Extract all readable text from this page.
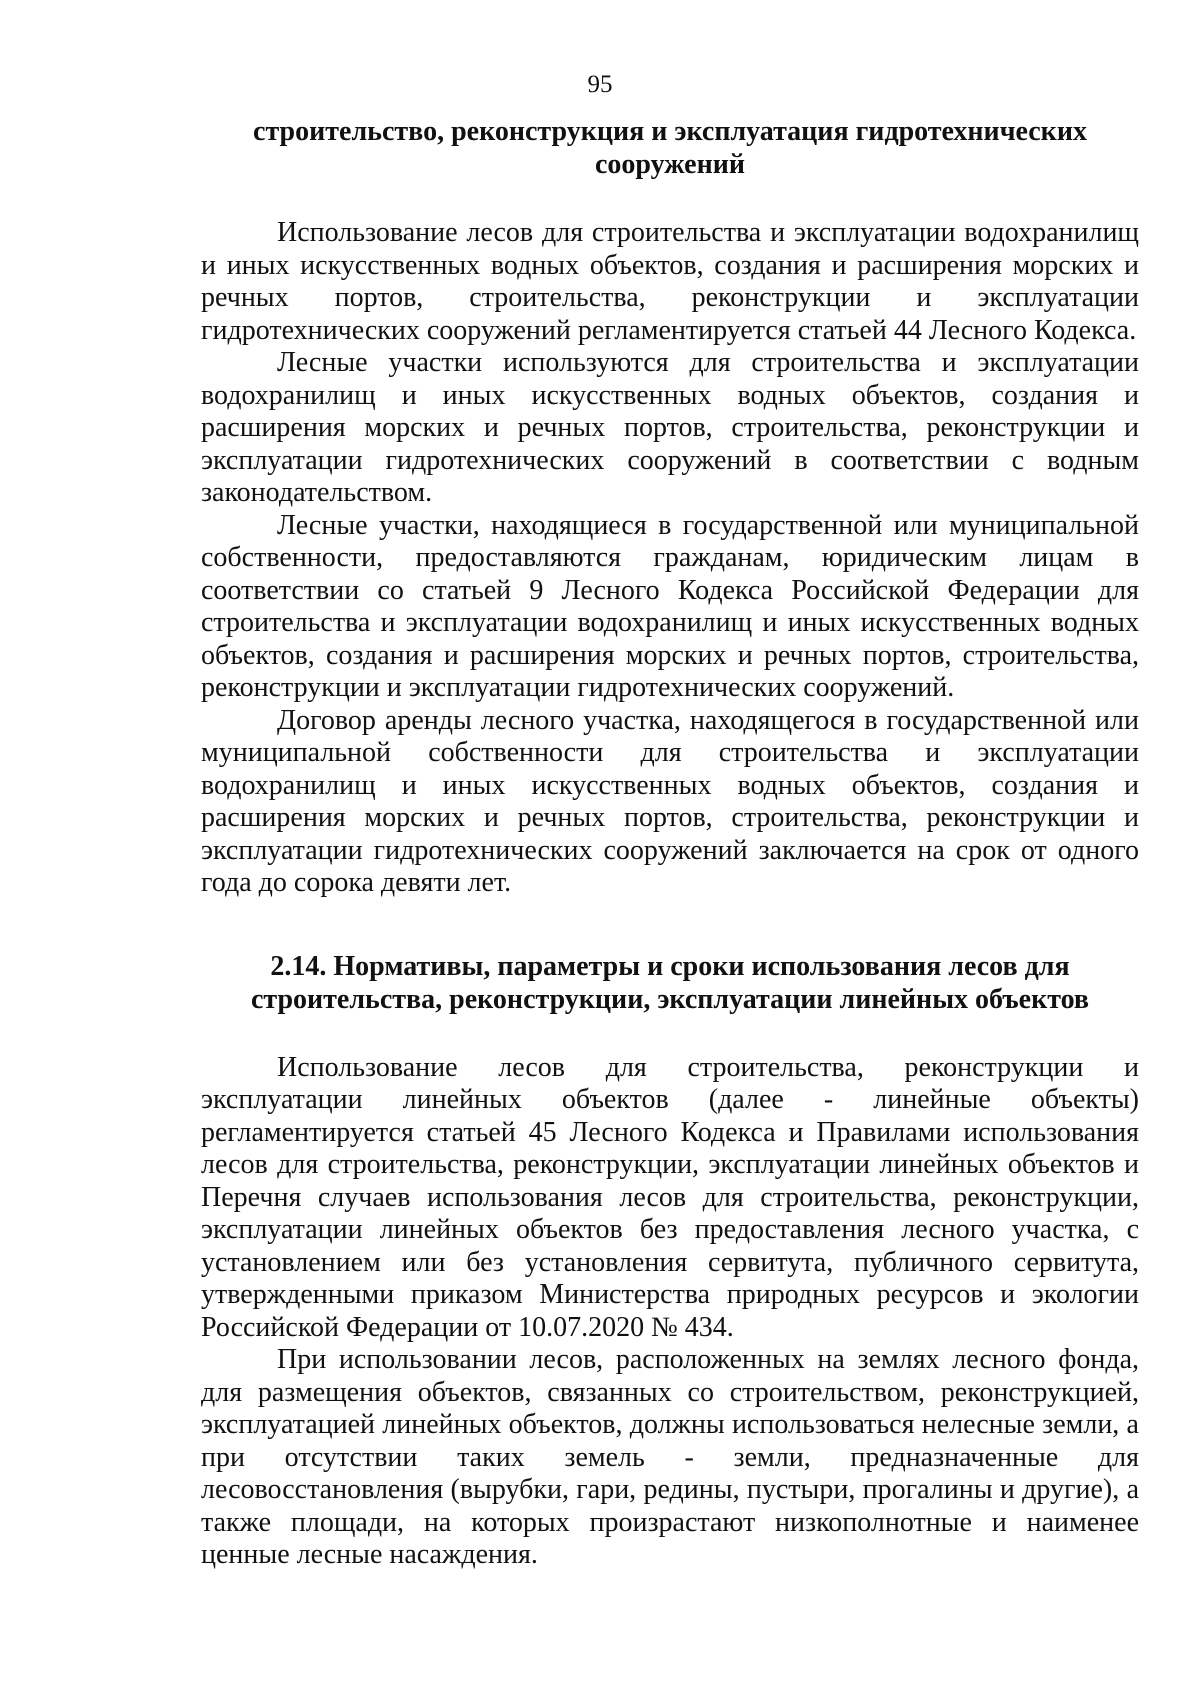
95
строительство, реконструкция и эксплуатация гидротехнических
сооружений

Использование лесов для строительства и эксплуатации водохранилищ и иных искусственных водных объектов, создания и расширения морских и речных портов, строительства, реконструкции и эксплуатации гидротехнических сооружений регламентируется статьей 44 Лесного Кодекса.

Лесные участки используются для строительства и эксплуатации водохранилищ и иных искусственных водных объектов, создания и расширения морских и речных портов, строительства, реконструкции и эксплуатации гидротехнических сооружений в соответствии с водным законодательством.

Лесные участки, находящиеся в государственной или муниципальной собственности, предоставляются гражданам, юридическим лицам в соответствии со статьей 9 Лесного Кодекса Российской Федерации для строительства и эксплуатации водохранилищ и иных искусственных водных объектов, создания и расширения морских и речных портов, строительства, реконструкции и эксплуатации гидротехнических сооружений.

Договор аренды лесного участка, находящегося в государственной или муниципальной собственности для строительства и эксплуатации водохранилищ и иных искусственных водных объектов, создания и расширения морских и речных портов, строительства, реконструкции и эксплуатации гидротехнических сооружений заключается на срок от одного года до сорока девяти лет.

2.14. Нормативы, параметры и сроки использования лесов для
строительства, реконструкции, эксплуатации линейных объектов

Использование лесов для строительства, реконструкции и эксплуатации линейных объектов (далее - линейные объекты) регламентируется статьей 45 Лесного Кодекса и Правилами использования лесов для строительства, реконструкции, эксплуатации линейных объектов и Перечня случаев использования лесов для строительства, реконструкции, эксплуатации линейных объектов без предоставления лесного участка, с установлением или без установления сервитута, публичного сервитута, утвержденными приказом Министерства природных ресурсов и экологии Российской Федерации от 10.07.2020 № 434.

При использовании лесов, расположенных на землях лесного фонда, для размещения объектов, связанных со строительством, реконструкцией, эксплуатацией линейных объектов, должны использоваться нелесные земли, а при отсутствии таких земель - земли, предназначенные для лесовосстановления (вырубки, гари, редины, пустыри, прогалины и другие), а также площади, на которых произрастают низкополнотные и наименее ценные лесные насаждения.
